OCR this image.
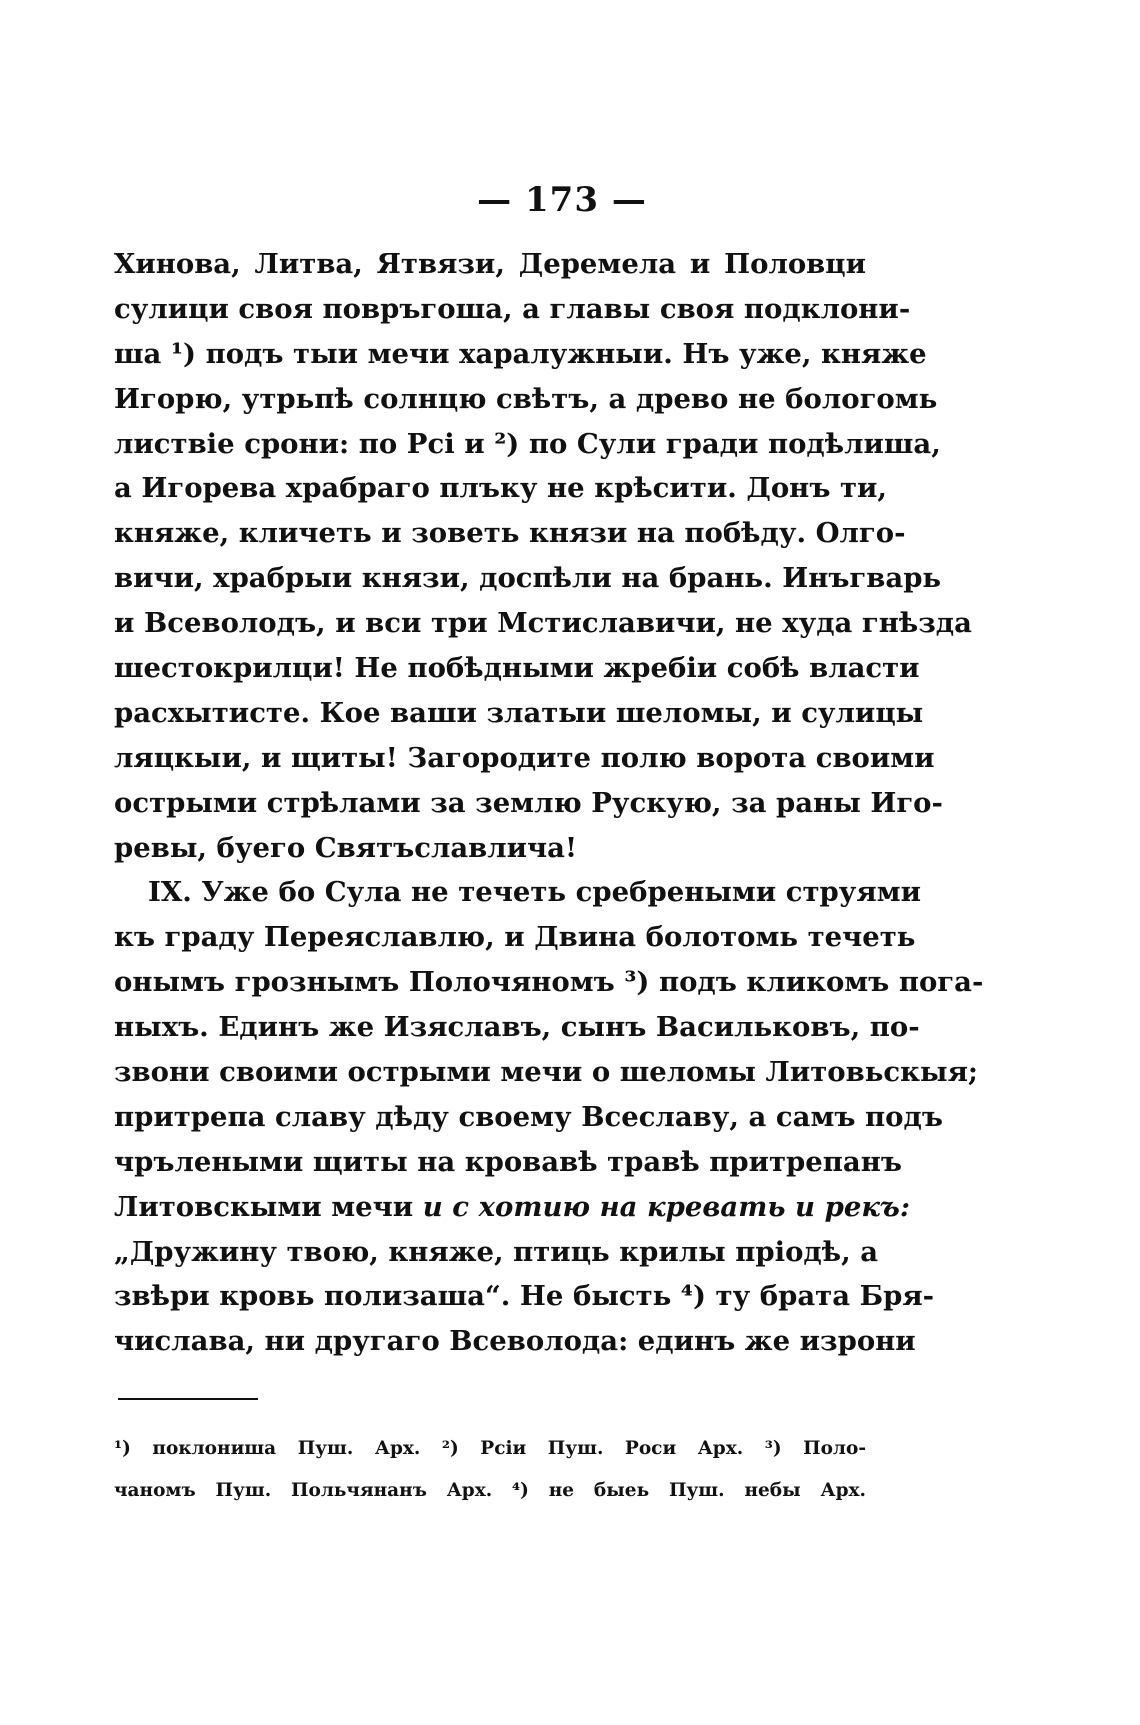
— 173 —
Хинова, Литва, Ятвязи, Деремела и Половци
сулици своя повръгоша, а главы своя подклони-
ша ¹) подъ тыи мечи харалужныи. Нъ уже, княже
Игорю, утрьпѣ солнцю свѣтъ, а древо не бологомь
листвіе срони: по Рсі и ²) по Сули гради подѣлиша,
а Игорева храбраго плъку не крѣсити. Донъ ти,
княже, кличеть и зоветь князи на побѣду. Олго-
вичи, храбрыи князи, доспѣли на брань. Инъгварь
и Всеволодъ, и вси три Мстиславичи, не худа гнѣзда
шестокрилци! Не побѣдными жребіи собѣ власти
расхытисте. Кое ваши златыи шеломы, и сулицы
ляцкыи, и щиты! Загородите полю ворота своими
острыми стрѣлами за землю Рускую, за раны Иго-
ревы, буего Святъславлича!
IX. Уже бо Сула не течеть сребреными струями
къ граду Переяславлю, и Двина болотомь течеть
онымъ грознымъ Полочяномъ ³) подъ кликомъ пога-
ныхъ. Единъ же Изяславъ, сынъ Васильковъ, по-
звони своими острыми мечи о шеломы Литовьскыя;
притрепа славу дѣду своему Всеславу, а самъ подъ
чрълеными щиты на кровавѣ травѣ притрепанъ
Литовскыми мечи и с хотию на кревать и рекъ:
„Дружину твою, княже, птиць крилы пріодѣ, а
звѣри кровь полизаша“. Не бысть ⁴) ту брата Бря-
числава, ни другаго Всеволода: единъ же изрони
¹) поклониша Пуш. Арх. ²) Рсіи Пуш. Роси Арх. ³) Поло-
чаномъ Пуш. Польчянанъ Арх. ⁴) не быеь Пуш. небы Арх.
